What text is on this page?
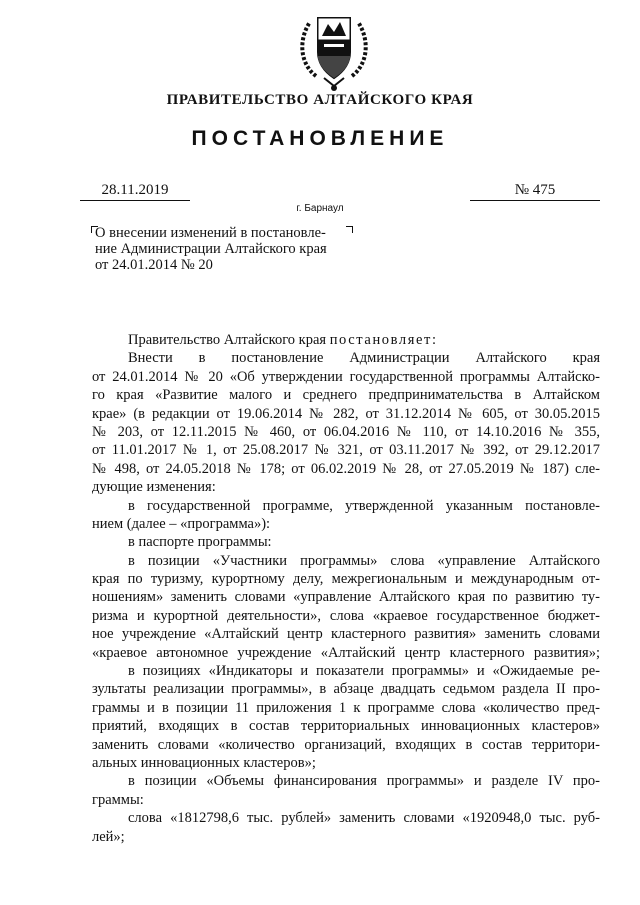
ПРАВИТЕЛЬСТВО АЛТАЙСКОГО КРАЯ
ПОСТАНОВЛЕНИЕ
28.11.2019	№ 475
г. Барнаул
О внесении изменений в постановле-
ние Администрации Алтайского края
от 24.01.2014 № 20
Правительство Алтайского края постановляет:
Внести в постановление Администрации Алтайского края
от 24.01.2014 № 20 «Об утверждении государственной программы Алтайско-
го края «Развитие малого и среднего предпринимательства в Алтайском
крае» (в редакции от 19.06.2014 № 282, от 31.12.2014 № 605, от 30.05.2015
№ 203, от 12.11.2015 № 460, от 06.04.2016 № 110, от 14.10.2016 № 355,
от 11.01.2017 № 1, от 25.08.2017 № 321, от 03.11.2017 № 392, от 29.12.2017
№ 498, от 24.05.2018 № 178; от 06.02.2019 № 28, от 27.05.2019 № 187) сле-
дующие изменения:
в государственной программе, утвержденной указанным постановле-
нием (далее – «программа»):
в паспорте программы:
в позиции «Участники программы» слова «управление Алтайского
края по туризму, курортному делу, межрегиональным и международным от-
ношениям» заменить словами «управление Алтайского края по развитию ту-
ризма и курортной деятельности», слова «краевое государственное бюджет-
ное учреждение «Алтайский центр кластерного развития» заменить словами
«краевое автономное учреждение «Алтайский центр кластерного развития»;
в позициях «Индикаторы и показатели программы» и «Ожидаемые ре-
зультаты реализации программы», в абзаце двадцать седьмом раздела II про-
граммы и в позиции 11 приложения 1 к программе слова «количество пред-
приятий, входящих в состав территориальных инновационных кластеров»
заменить словами «количество организаций, входящих в состав территори-
альных инновационных кластеров»;
в позиции «Объемы финансирования программы» и разделе IV про-
граммы:
слова «1812798,6 тыс. рублей» заменить словами «1920948,0 тыс. руб-
лей»;
